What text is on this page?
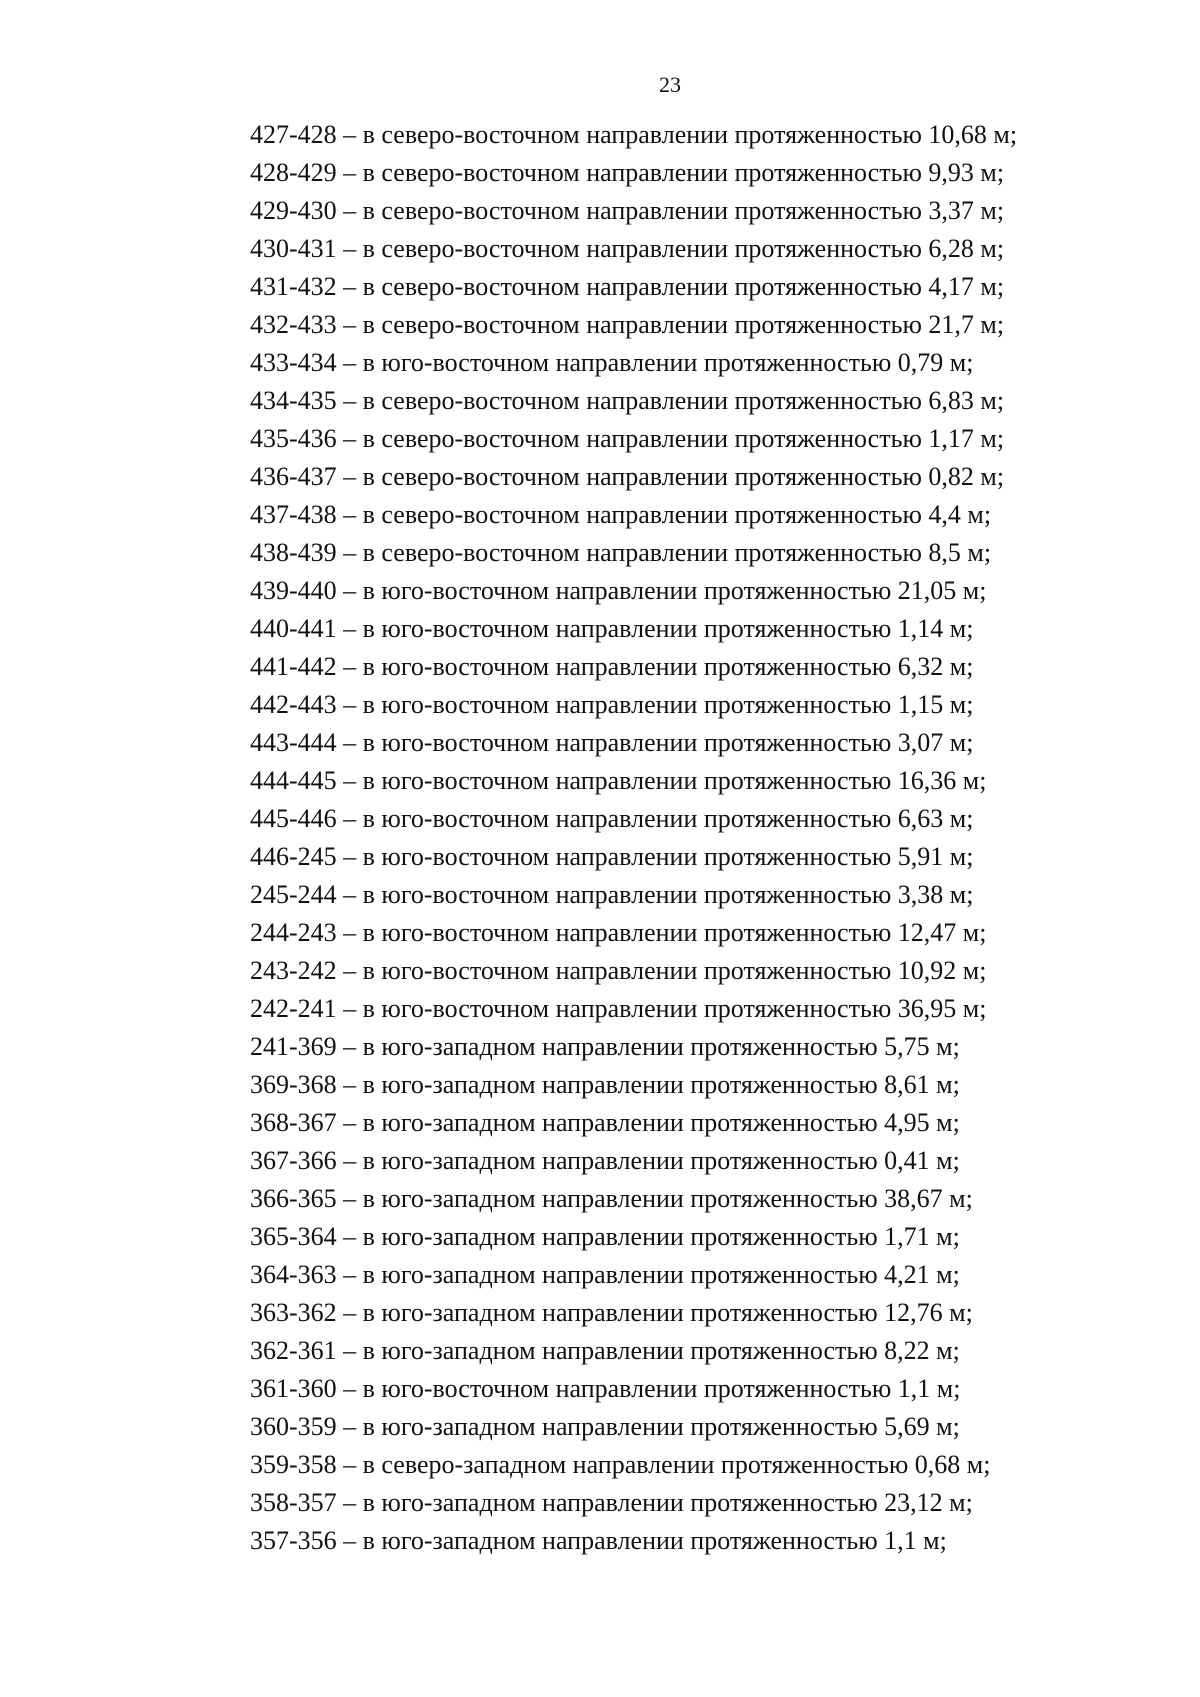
23
427-428 – в северо-восточном направлении протяженностью 10,68 м;
428-429 – в северо-восточном направлении протяженностью 9,93 м;
429-430 – в северо-восточном направлении протяженностью 3,37 м;
430-431 – в северо-восточном направлении протяженностью 6,28 м;
431-432 – в северо-восточном направлении протяженностью 4,17 м;
432-433 – в северо-восточном направлении протяженностью 21,7 м;
433-434 – в юго-восточном направлении протяженностью 0,79 м;
434-435 – в северо-восточном направлении протяженностью 6,83 м;
435-436 – в северо-восточном направлении протяженностью 1,17 м;
436-437 – в северо-восточном направлении протяженностью 0,82 м;
437-438 – в северо-восточном направлении протяженностью 4,4 м;
438-439 – в северо-восточном направлении протяженностью 8,5 м;
439-440 – в юго-восточном направлении протяженностью 21,05 м;
440-441 – в юго-восточном направлении протяженностью 1,14 м;
441-442 – в юго-восточном направлении протяженностью 6,32 м;
442-443 – в юго-восточном направлении протяженностью 1,15 м;
443-444 – в юго-восточном направлении протяженностью 3,07 м;
444-445 – в юго-восточном направлении протяженностью 16,36 м;
445-446 – в юго-восточном направлении протяженностью 6,63 м;
446-245 – в юго-восточном направлении протяженностью 5,91 м;
245-244 – в юго-восточном направлении протяженностью 3,38 м;
244-243 – в юго-восточном направлении протяженностью 12,47 м;
243-242 – в юго-восточном направлении протяженностью 10,92 м;
242-241 – в юго-восточном направлении протяженностью 36,95 м;
241-369 – в юго-западном направлении протяженностью 5,75 м;
369-368 – в юго-западном направлении протяженностью 8,61 м;
368-367 – в юго-западном направлении протяженностью 4,95 м;
367-366 – в юго-западном направлении протяженностью 0,41 м;
366-365 – в юго-западном направлении протяженностью 38,67 м;
365-364 – в юго-западном направлении протяженностью 1,71 м;
364-363 – в юго-западном направлении протяженностью 4,21 м;
363-362 – в юго-западном направлении протяженностью 12,76 м;
362-361 – в юго-западном направлении протяженностью 8,22 м;
361-360 – в юго-восточном направлении протяженностью 1,1 м;
360-359 – в юго-западном направлении протяженностью 5,69 м;
359-358 – в северо-западном направлении протяженностью 0,68 м;
358-357 – в юго-западном направлении протяженностью 23,12 м;
357-356 – в юго-западном направлении протяженностью 1,1 м;
